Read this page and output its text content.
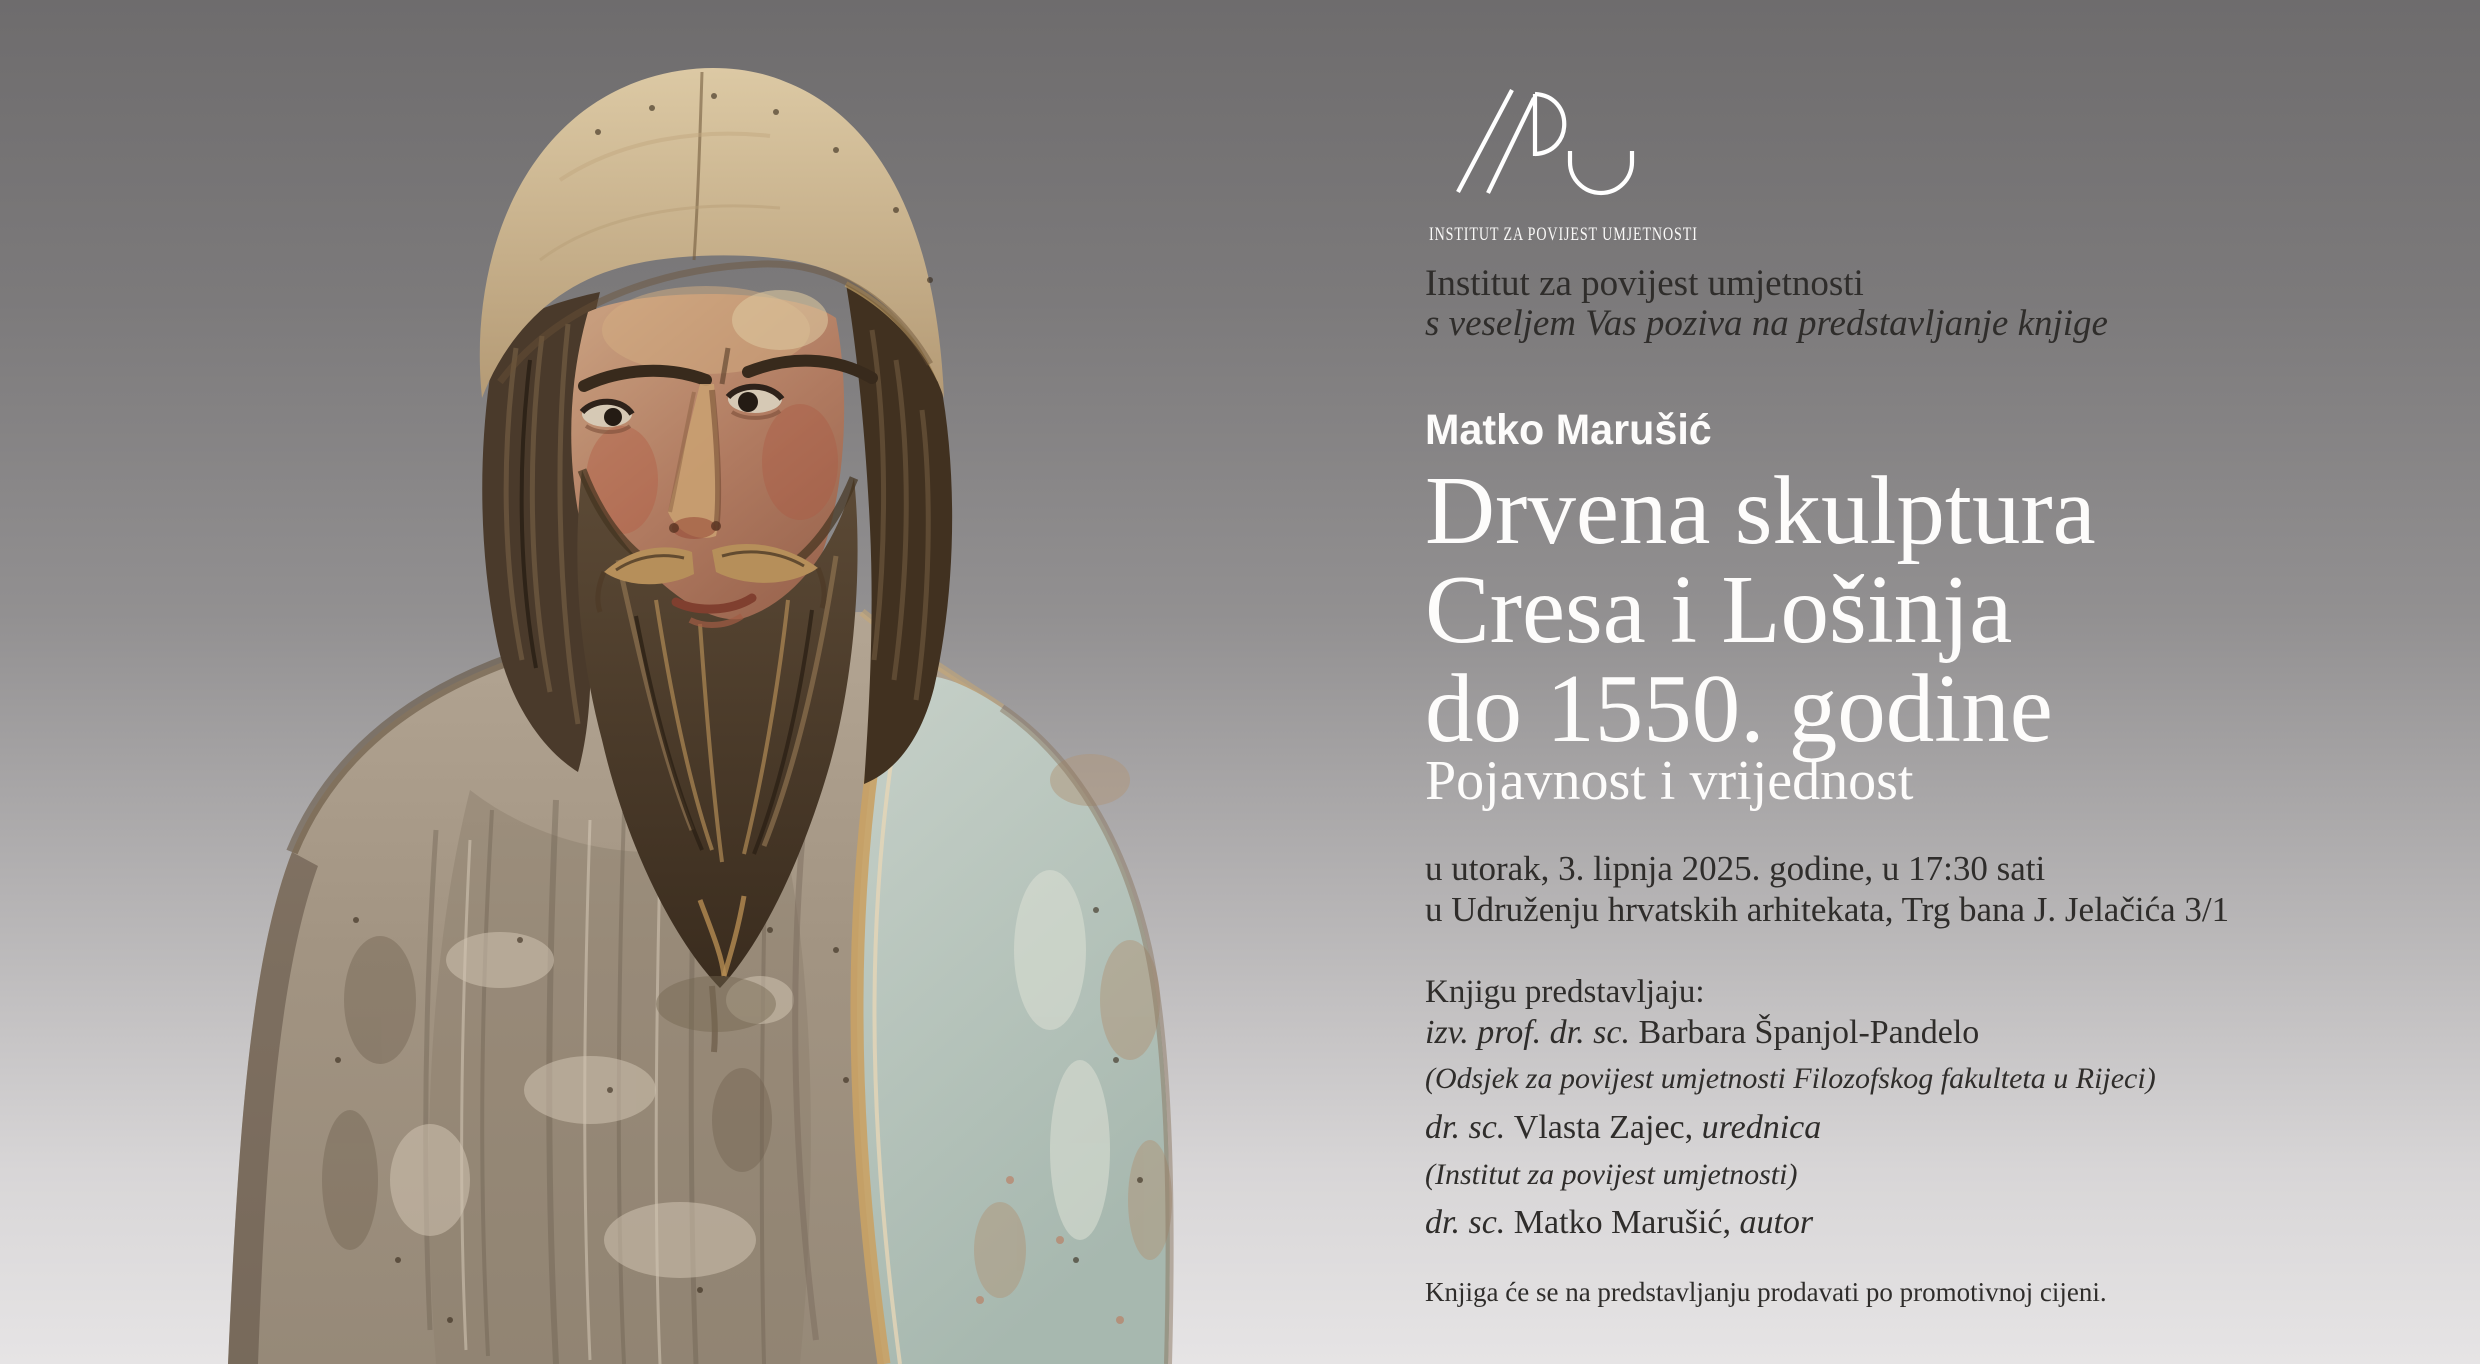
INSTITUT ZA POVIJEST UMJETNOSTI
Institut za povijest umjetnosti
s veseljem Vas poziva na predstavljanje knjige
Matko Marušić
Drvena skulptura
Cresa i Lošinja
do 1550. godine
Pojavnost i vrijednost
u utorak, 3. lipnja 2025. godine, u 17:30 sati
u Udruženju hrvatskih arhitekata, Trg bana J. Jelačića 3/1
Knjigu predstavljaju:
izv. prof. dr. sc. Barbara Španjol-Pandelo
(Odsjek za povijest umjetnosti Filozofskog fakulteta u Rijeci)
dr. sc. Vlasta Zajec, urednica
(Institut za povijest umjetnosti)
dr. sc. Matko Marušić, autor
Knjiga će se na predstavljanju prodavati po promotivnoj cijeni.
